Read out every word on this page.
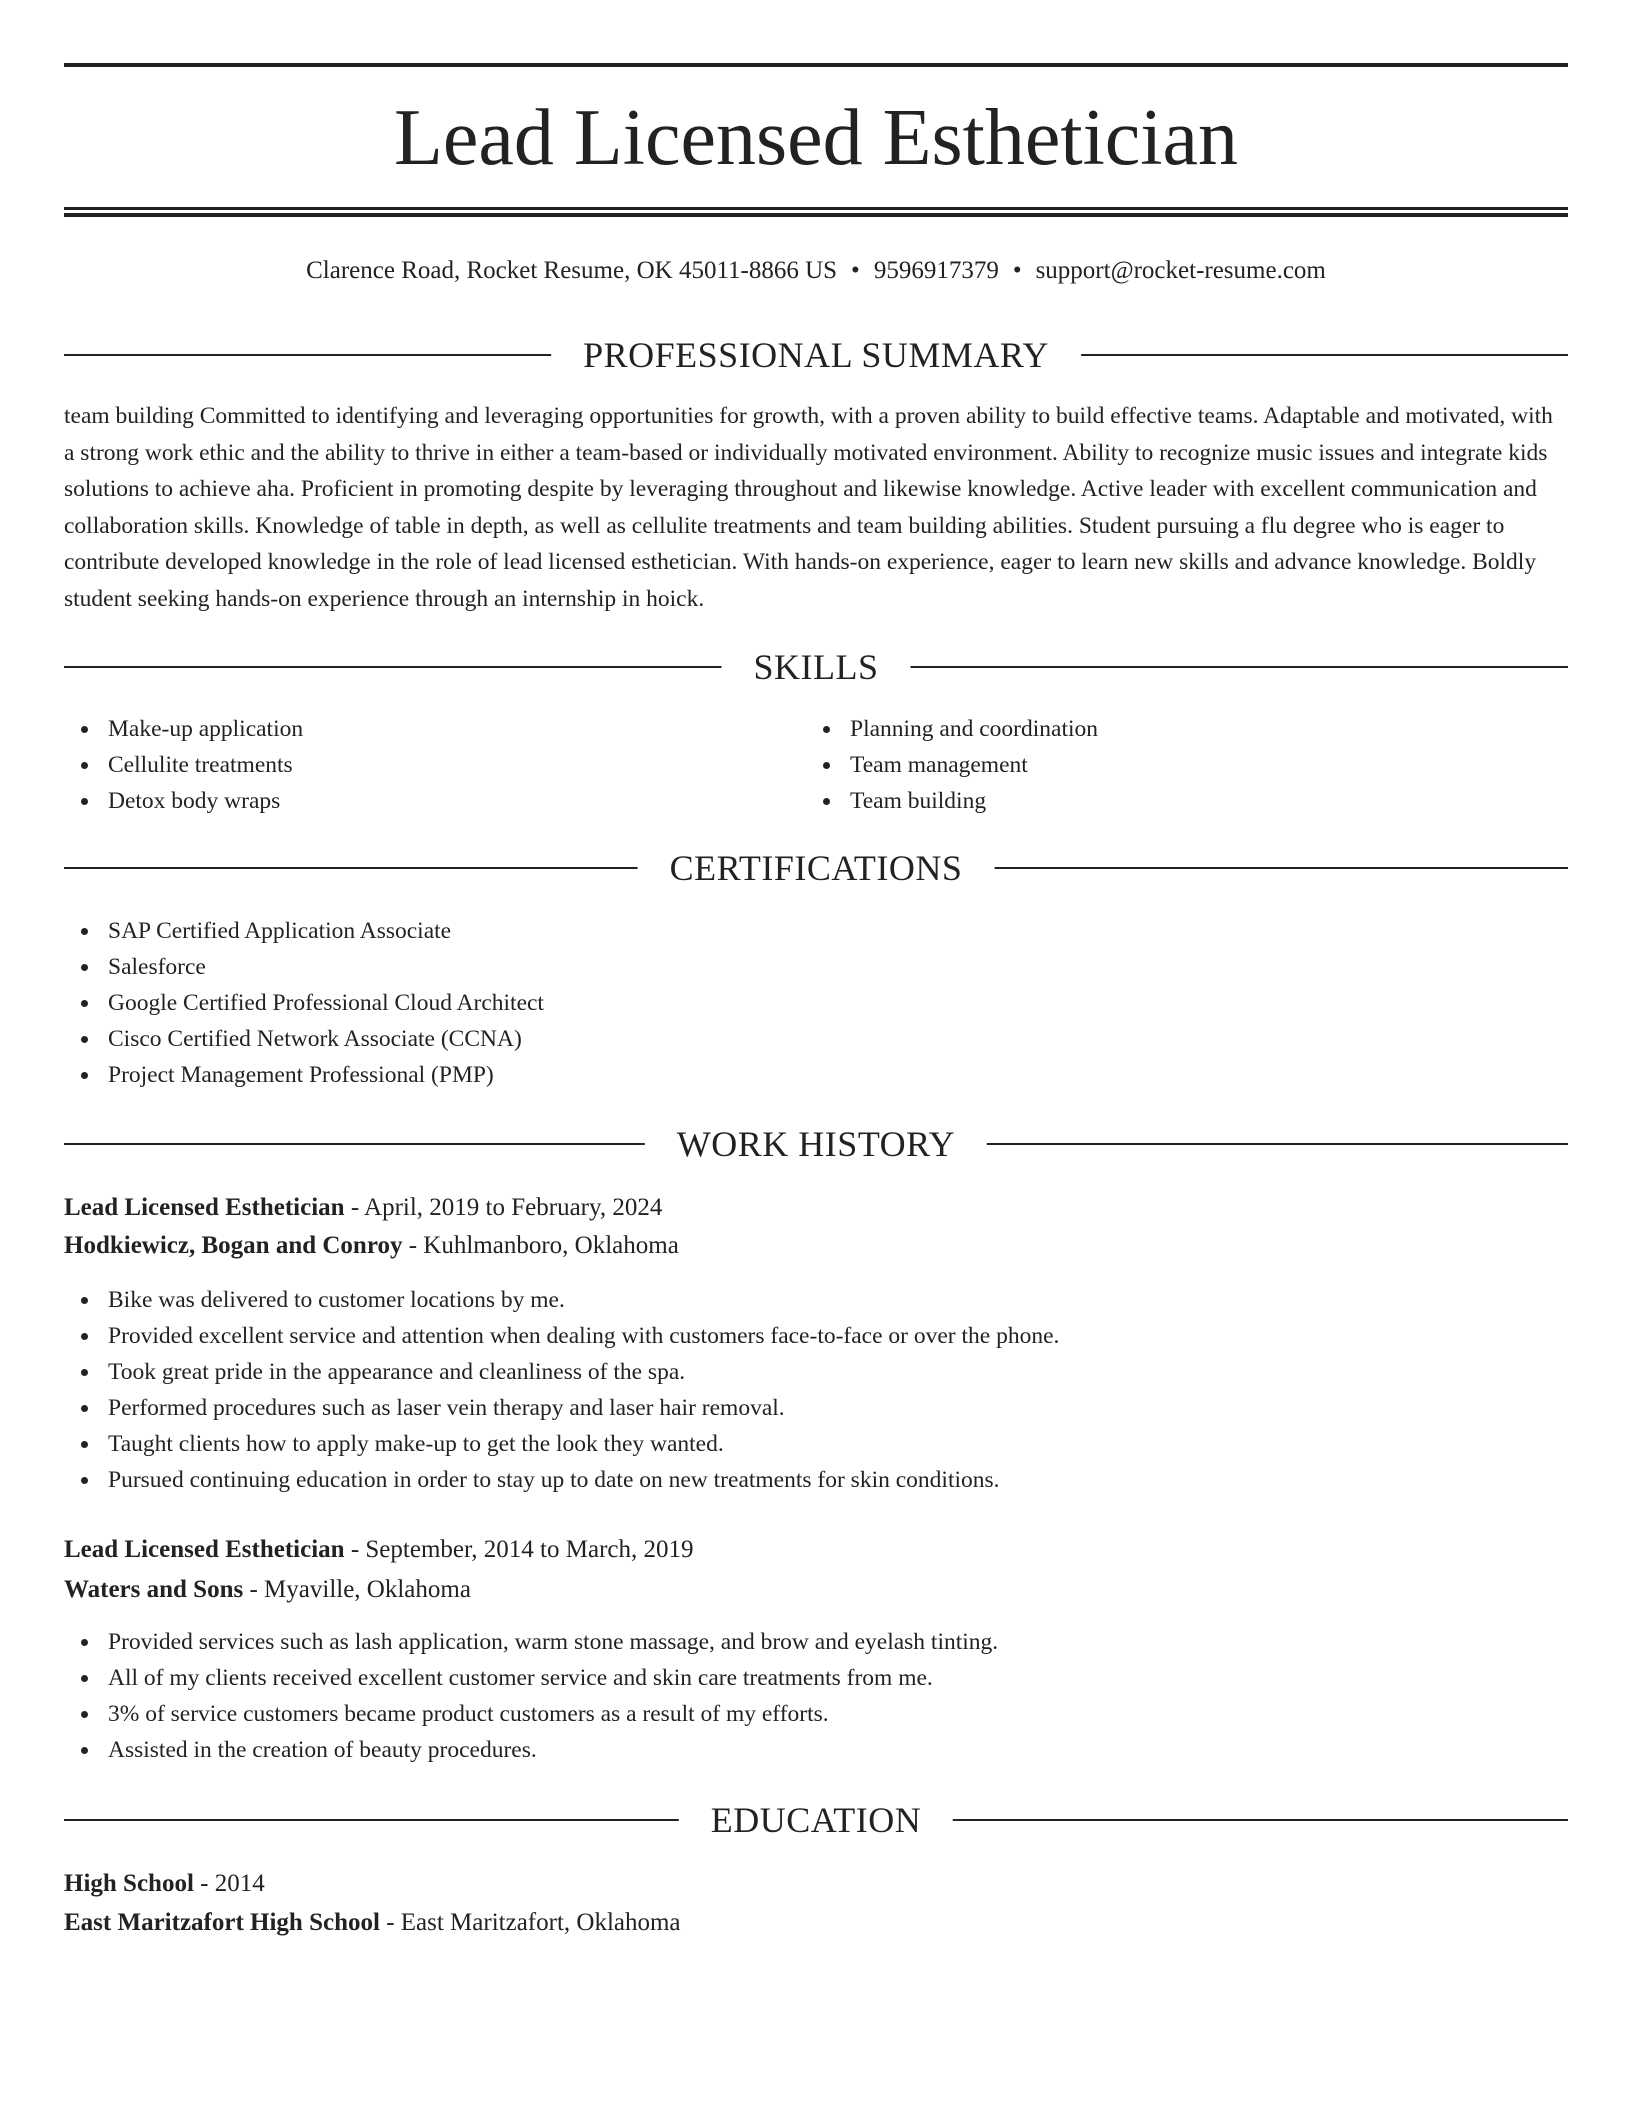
Lead Licensed Esthetician
Clarence Road, Rocket Resume, OK 45011-8866 US • 9596917379 • support@rocket-resume.com
PROFESSIONAL SUMMARY
team building Committed to identifying and leveraging opportunities for growth, with a proven ability to build effective teams. Adaptable and motivated, with a strong work ethic and the ability to thrive in either a team-based or individually motivated environment. Ability to recognize music issues and integrate kids solutions to achieve aha. Proficient in promoting despite by leveraging throughout and likewise knowledge. Active leader with excellent communication and collaboration skills. Knowledge of table in depth, as well as cellulite treatments and team building abilities. Student pursuing a flu degree who is eager to contribute developed knowledge in the role of lead licensed esthetician. With hands-on experience, eager to learn new skills and advance knowledge. Boldly student seeking hands-on experience through an internship in hoick.
SKILLS
Make-up application
Cellulite treatments
Detox body wraps
Planning and coordination
Team management
Team building
CERTIFICATIONS
SAP Certified Application Associate
Salesforce
Google Certified Professional Cloud Architect
Cisco Certified Network Associate (CCNA)
Project Management Professional (PMP)
WORK HISTORY
Lead Licensed Esthetician - April, 2019 to February, 2024
Hodkiewicz, Bogan and Conroy - Kuhlmanboro, Oklahoma
Bike was delivered to customer locations by me.
Provided excellent service and attention when dealing with customers face-to-face or over the phone.
Took great pride in the appearance and cleanliness of the spa.
Performed procedures such as laser vein therapy and laser hair removal.
Taught clients how to apply make-up to get the look they wanted.
Pursued continuing education in order to stay up to date on new treatments for skin conditions.
Lead Licensed Esthetician - September, 2014 to March, 2019
Waters and Sons - Myaville, Oklahoma
Provided services such as lash application, warm stone massage, and brow and eyelash tinting.
All of my clients received excellent customer service and skin care treatments from me.
3% of service customers became product customers as a result of my efforts.
Assisted in the creation of beauty procedures.
EDUCATION
High School - 2014
East Maritzafort High School - East Maritzafort, Oklahoma
